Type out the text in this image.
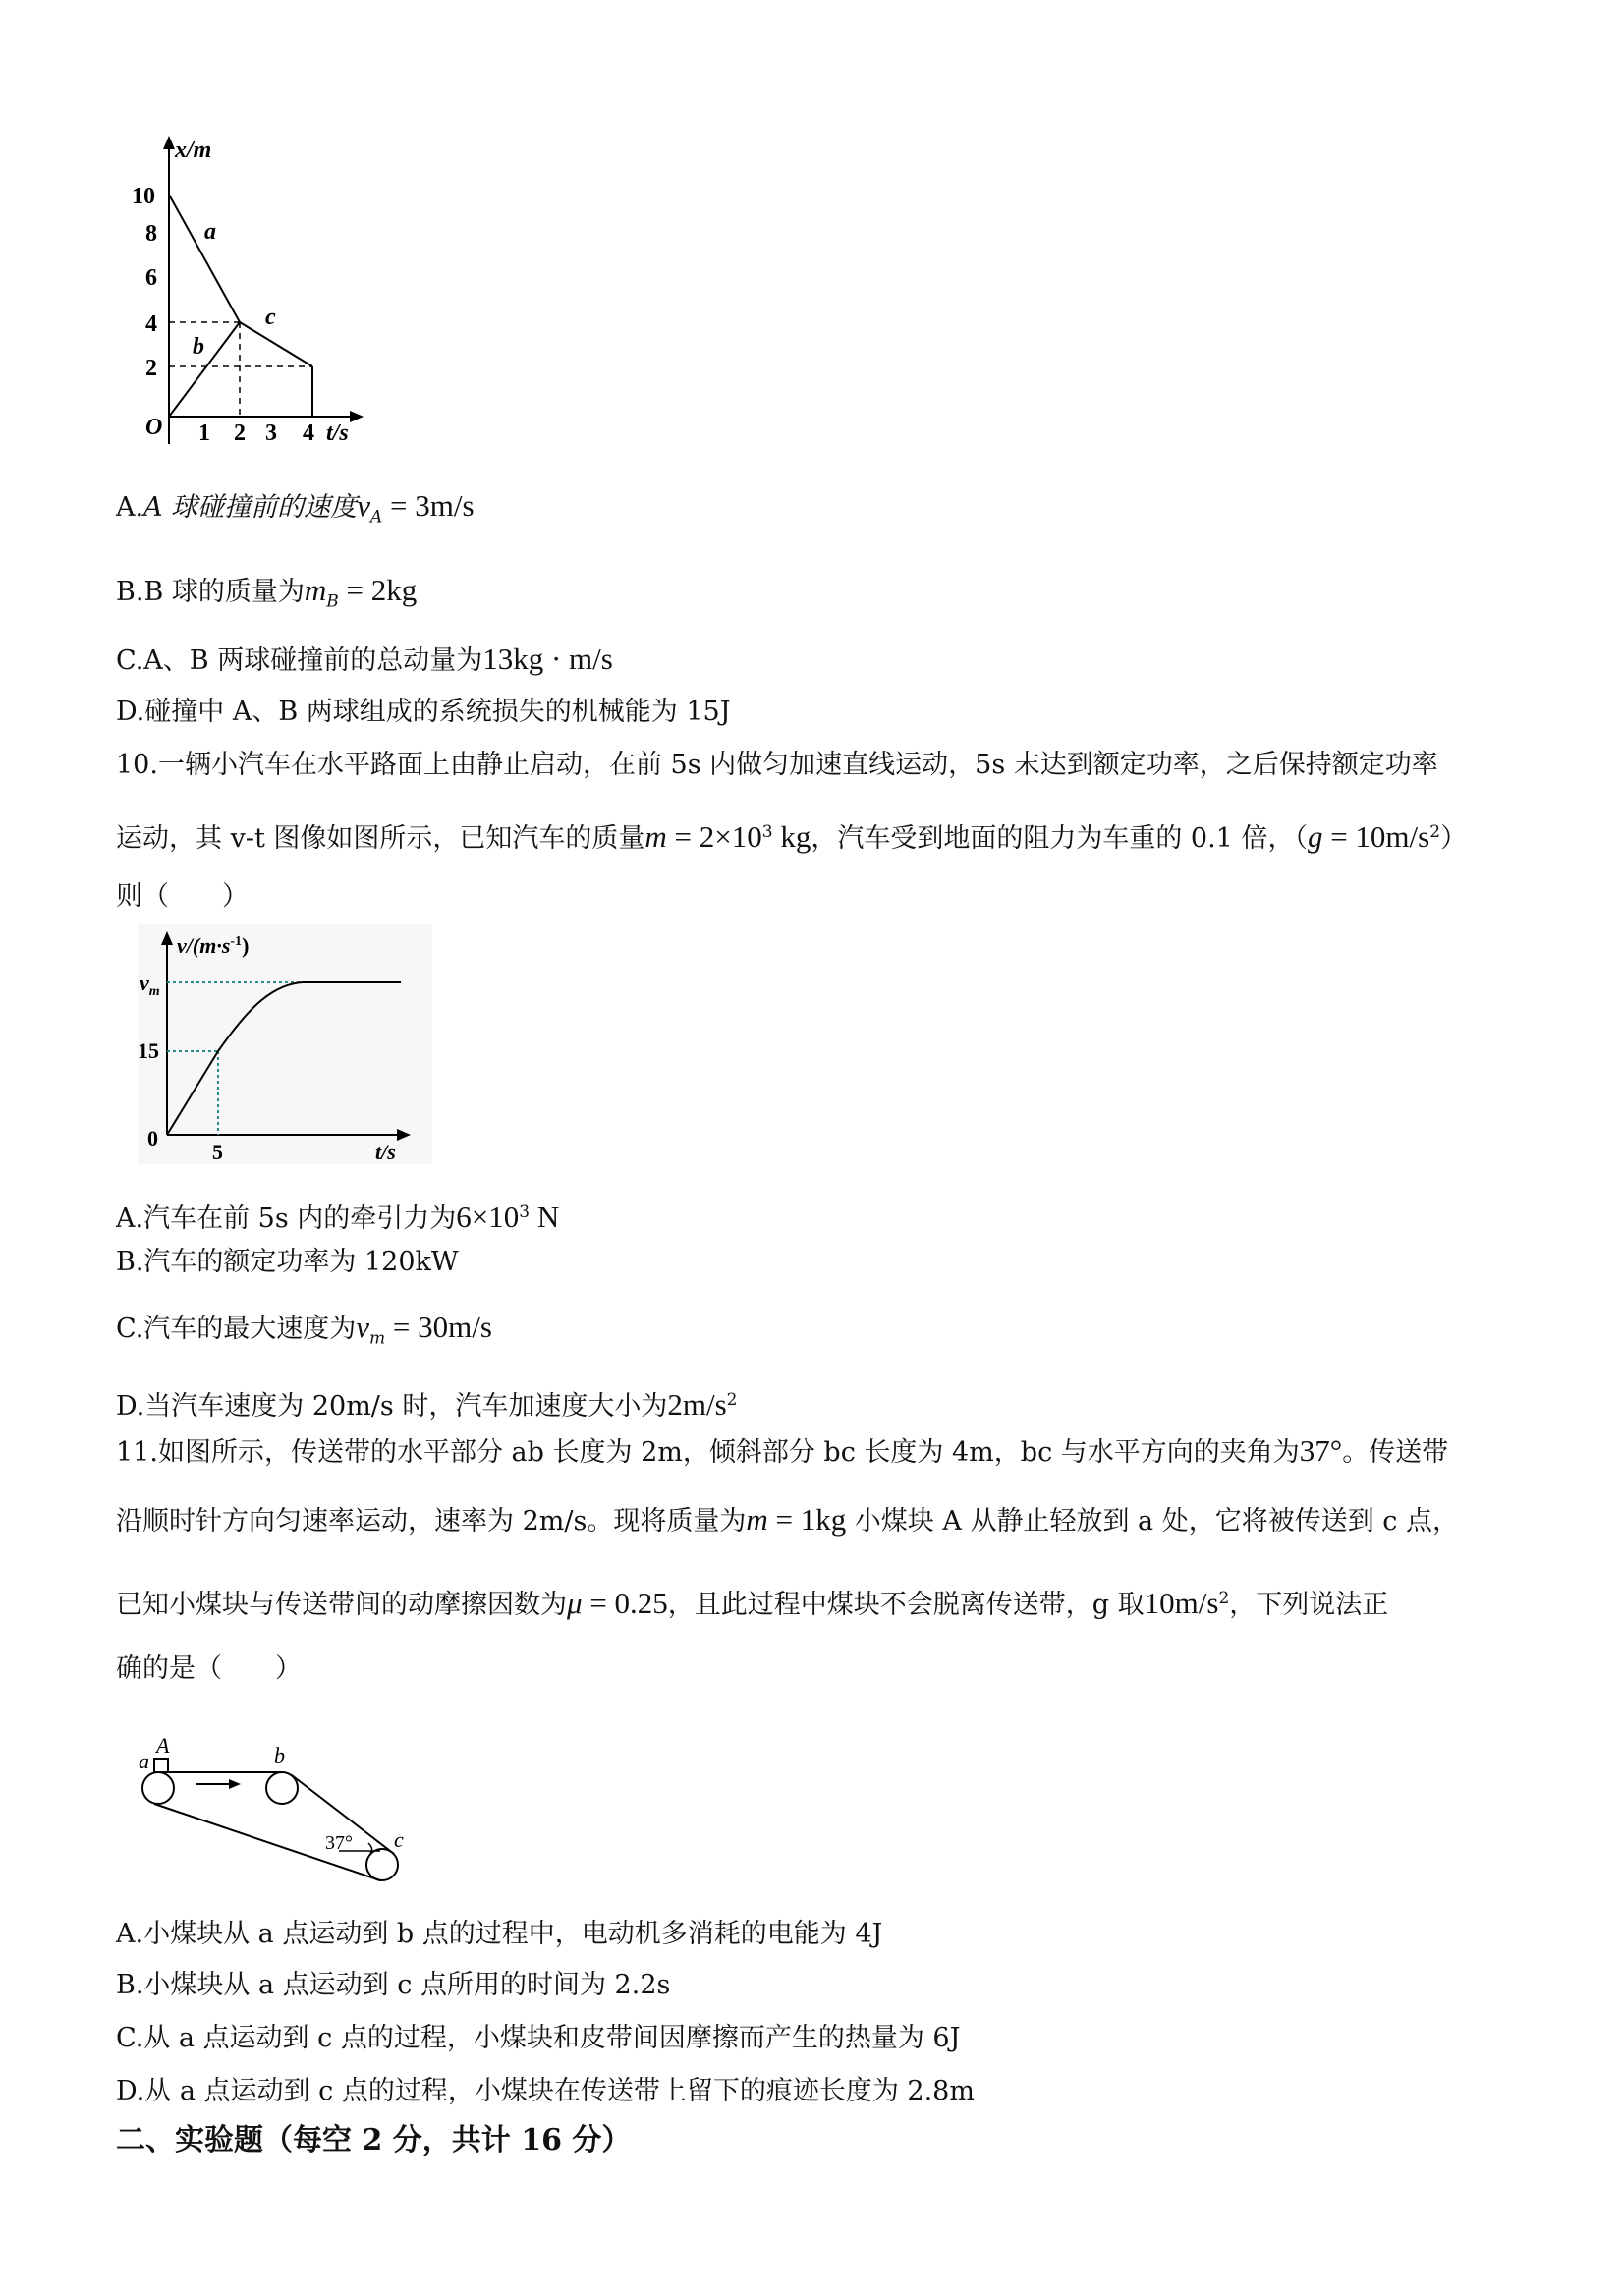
x/m
t/s
O
10
8
6
4
2
1 2 3 4
a
b
c
A.A 球碰撞前的速度$v_A = 3m/s$
B.B 球的质量为$m_B = 2kg$
C.A、B 两球碰撞前的总动量为13kg · m/s
D.碰撞中 A、B 两球组成的系统损失的机械能为 15J
10.一辆小汽车在水平路面上由静止启动，在前 5s 内做匀加速直线运动，5s 末达到额定功率，之后保持额定功率
运动，其 v-t 图像如图所示，已知汽车的质量$m = 2\times 10^3$ kg，汽车受到地面的阻力为车重的 0.1 倍，$(g = 10m/s^2)$
则（　　）
$v/(m\cdot s^{-1})$
t/s
0
$v_m$
15
5
A.汽车在前 5s 内的牵引力为$6\times 10^3$ N
B.汽车的额定功率为 120kW
C.汽车的最大速度为$v_m = 30m/s$
D.当汽车速度为 20m/s 时，汽车加速度大小为$2m/s^2$
11.如图所示，传送带的水平部分 ab 长度为 2m，倾斜部分 bc 长度为 4m，bc 与水平方向的夹角为37°。传送带
沿顺时针方向匀速率运动，速率为 2m/s。现将质量为m = 1kg 小煤块 A 从静止轻放到 a 处，它将被传送到 c 点，
已知小煤块与传送带间的动摩擦因数为μ = 0.25，且此过程中煤块不会脱离传送带，g 取$10m/s^2$，下列说法正
确的是（　　）
a
A	b
c
37°
A.小煤块从 a 点运动到 b 点的过程中，电动机多消耗的电能为 4J
B.小煤块从 a 点运动到 c 点所用的时间为 2.2s
C.从 a 点运动到 c 点的过程，小煤块和皮带间因摩擦而产生的热量为 6J
D.从 a 点运动到 c 点的过程，小煤块在传送带上留下的痕迹长度为 2.8m
二、实验题（每空 2 分，共计 16 分）
